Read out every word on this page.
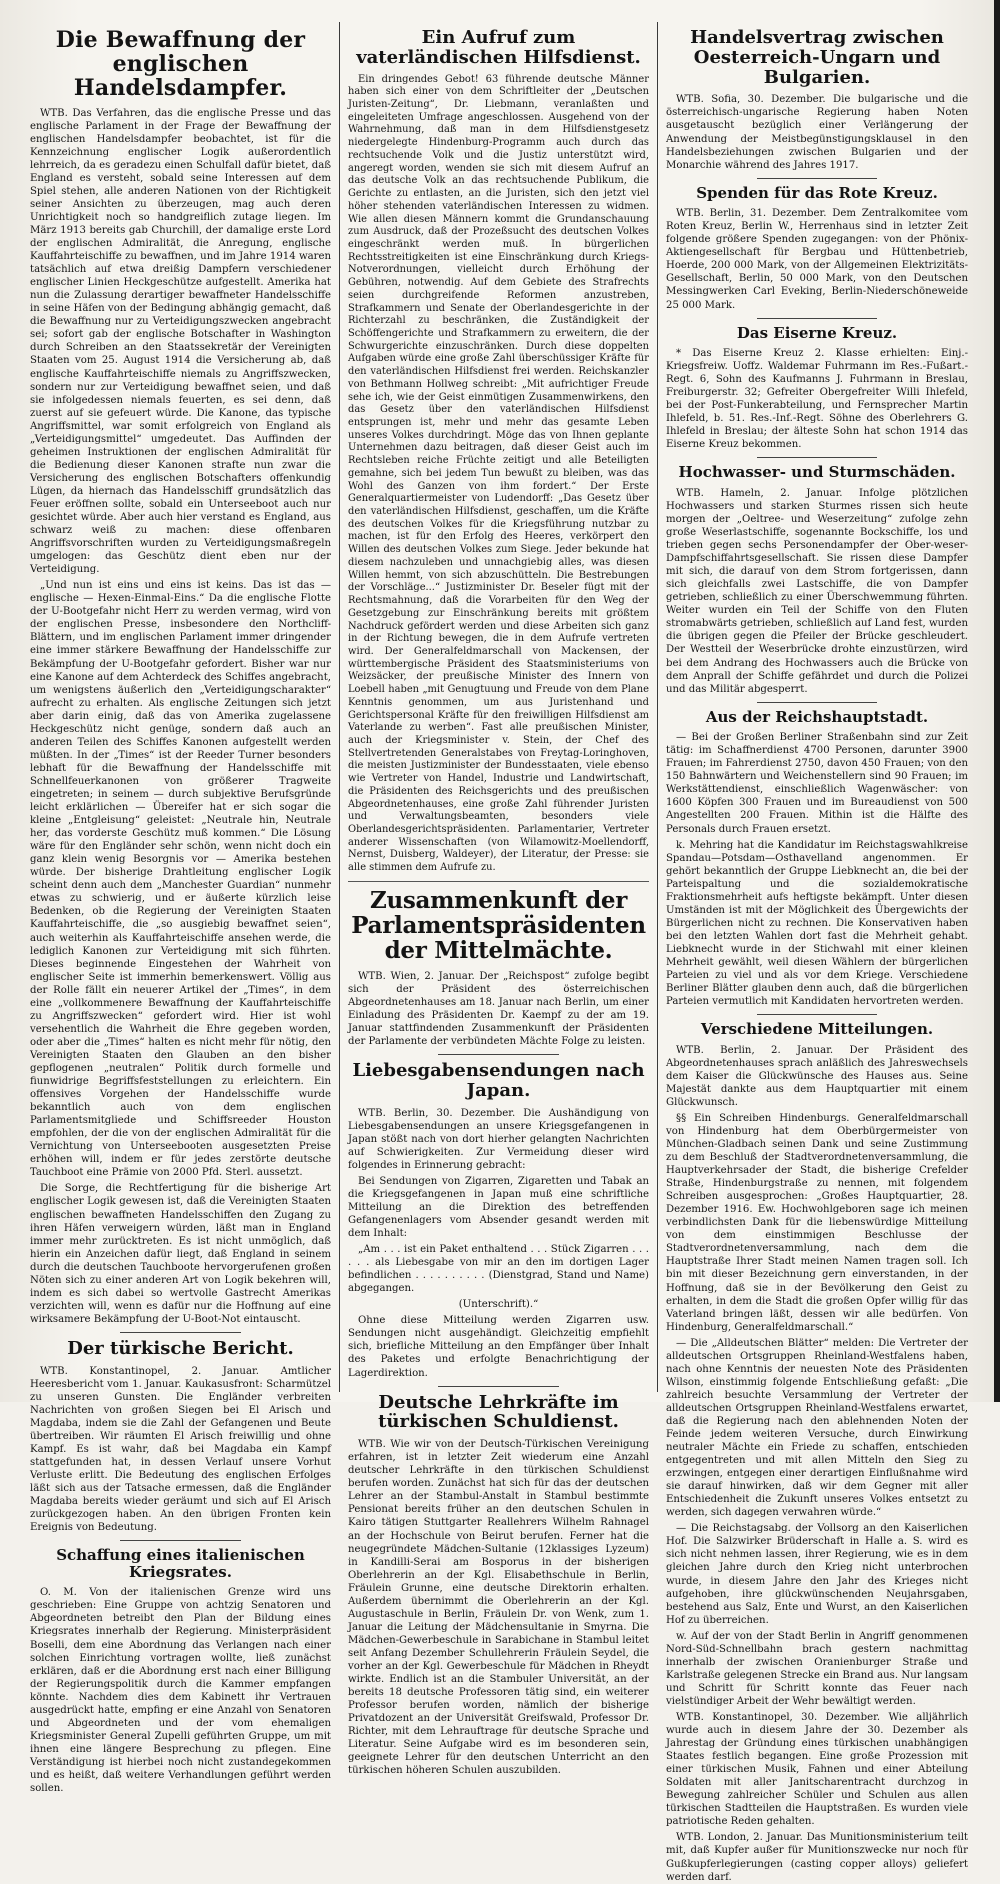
Die Bewaffnung der englischen Handelsdampfer.

WTB. Das Verfahren, das die englische Presse und das englische Parlament in der Frage der Bewaffnung der englischen Handelsdampfer beobachtet, ist für die Kennzeichnung englischer Logik außerordentlich lehrreich, da es geradezu einen Schulfall dafür bietet, daß England es versteht, sobald seine Interessen auf dem Spiel stehen, alle anderen Nationen von der Richtigkeit seiner Ansichten zu überzeugen, mag auch deren Unrichtigkeit noch so handgreiflich zutage liegen. Im März 1913 bereits gab Churchill, der damalige erste Lord der englischen Admiralität, die Anregung, englische Kauffahrteischiffe zu bewaffnen, und im Jahre 1914 waren tatsächlich auf etwa dreißig Dampfern verschiedener englischer Linien Heckgeschütze aufgestellt. Amerika hat nun die Zulassung derartiger bewaffneter Handelsschiffe in seine Häfen von der Bedingung abhängig gemacht, daß die Bewaffnung nur zu Verteidigungszwecken angebracht sei; sofort gab der englische Botschafter in Washington durch Schreiben an den Staatssekretär der Vereinigten Staaten vom 25. August 1914 die Versicherung ab, daß englische Kauffahrteischiffe niemals zu Angriffszwecken, sondern nur zur Verteidigung bewaffnet seien, und daß sie infolgedessen niemals feuerten, es sei denn, daß zuerst auf sie gefeuert würde. Die Kanone, das typische Angriffsmittel, war somit erfolgreich von England als „Verteidigungsmittel“ umgedeutet. Das Auffinden der geheimen Instruktionen der englischen Admiralität für die Bedienung dieser Kanonen strafte nun zwar die Versicherung des englischen Botschafters offenkundig Lügen, da hiernach das Handelsschiff grundsätzlich das Feuer eröffnen sollte, sobald ein Unterseeboot auch nur gesichtet würde. Aber auch hier verstand es England, aus schwarz weiß zu machen: diese offenbaren Angriffsvorschriften wurden zu Verteidigungsmaßregeln umgelogen: das Geschütz dient eben nur der Verteidigung.

„Und nun ist eins und eins ist keins. Das ist das — englische — Hexen-Einmal-Eins.“ Da die englische Flotte der U-Bootgefahr nicht Herr zu werden vermag, wird von der englischen Presse, insbesondere den Northcliff-Blättern, und im englischen Parlament immer dringender eine immer stärkere Bewaffnung der Handelsschiffe zur Bekämpfung der U-Bootgefahr gefordert. Bisher war nur eine Kanone auf dem Achterdeck des Schiffes angebracht, um wenigstens äußerlich den „Verteidigungscharakter“ aufrecht zu erhalten. Als englische Zeitungen sich jetzt aber darin einig, daß das von Amerika zugelassene Heckgeschütz nicht genüge, sondern daß auch an anderen Teilen des Schiffes Kanonen aufgestellt werden müßten. In der „Times“ ist der Reeder Turner besonders lebhaft für die Bewaffnung der Handelsschiffe mit Schnellfeuerkanonen von größerer Tragweite eingetreten; in seinem — durch subjektive Berufsgründe leicht erklärlichen — Übereifer hat er sich sogar die kleine „Entgleisung“ geleistet: „Neutrale hin, Neutrale her, das vorderste Geschütz muß kommen.“ Die Lösung wäre für den Engländer sehr schön, wenn nicht doch ein ganz klein wenig Besorgnis vor — Amerika bestehen würde. Der bisherige Drahtleitung englischer Logik scheint denn auch dem „Manchester Guardian“ nunmehr etwas zu schwierig, und er äußerte kürzlich leise Bedenken, ob die Regierung der Vereinigten Staaten Kauffahrteischiffe, die „so ausgiebig bewaffnet seien“, auch weiterhin als Kauffahrteischiffe ansehen werde, die lediglich Kanonen zur Verteidigung mit sich führten. Dieses beginnende Eingestehen der Wahrheit von englischer Seite ist immerhin bemerkenswert. Völlig aus der Rolle fällt ein neuerer Artikel der „Times“, in dem eine „vollkommenere Bewaffnung der Kauffahrteischiffe zu Angriffszwecken“ gefordert wird. Hier ist wohl versehentlich die Wahrheit die Ehre gegeben worden, oder aber die „Times“ halten es nicht mehr für nötig, den Vereinigten Staaten den Glauben an den bisher gepflogenen „neutralen“ Politik durch formelle und fiunwidrige Begriffsfeststellungen zu erleichtern. Ein offensives Vorgehen der Handelsschiffe wurde bekanntlich auch von dem englischen Parlamentsmitgliede und Schiffsreeder Houston empfohlen, der die von der englischen Admiralität für die Vernichtung von Unterseebooten ausgesetzten Preise erhöhen will, indem er für jedes zerstörte deutsche Tauchboot eine Prämie von 2000 Pfd. Sterl. aussetzt.

Die Sorge, die Rechtfertigung für die bisherige Art englischer Logik gewesen ist, daß die Vereinigten Staaten englischen bewaffneten Handelsschiffen den Zugang zu ihren Häfen verweigern würden, läßt man in England immer mehr zurücktreten. Es ist nicht unmöglich, daß hierin ein Anzeichen dafür liegt, daß England in seinem durch die deutschen Tauchboote hervorgerufenen großen Nöten sich zu einer anderen Art von Logik bekehren will, indem es sich dabei so wertvolle Gastrecht Amerikas verzichten will, wenn es dafür nur die Hoffnung auf eine wirksamere Bekämpfung der U-Boot-Not eintauscht.

Der türkische Bericht.

WTB. Konstantinopel, 2. Januar. Amtlicher Heeresbericht vom 1. Januar. Kaukasusfront: Scharmützel zu unseren Gunsten. Die Engländer verbreiten Nachrichten von großen Siegen bei El Arisch und Magdaba, indem sie die Zahl der Gefangenen und Beute übertreiben. Wir räumten El Arisch freiwillig und ohne Kampf. Es ist wahr, daß bei Magdaba ein Kampf stattgefunden hat, in dessen Verlauf unsere Vorhut Verluste erlitt. Die Bedeutung des englischen Erfolges läßt sich aus der Tatsache ermessen, daß die Engländer Magdaba bereits wieder geräumt und sich auf El Arisch zurückgezogen haben. An den übrigen Fronten kein Ereignis von Bedeutung.

Schaffung eines italienischen Kriegsrates.

O. M. Von der italienischen Grenze wird uns geschrieben: Eine Gruppe von achtzig Senatoren und Abgeordneten betreibt den Plan der Bildung eines Kriegsrates innerhalb der Regierung. Ministerpräsident Boselli, dem eine Abordnung das Verlangen nach einer solchen Einrichtung vortragen wollte, ließ zunächst erklären, daß er die Abordnung erst nach einer Billigung der Regierungspolitik durch die Kammer empfangen könnte. Nachdem dies dem Kabinett ihr Vertrauen ausgedrückt hatte, empfing er eine Anzahl von Senatoren und Abgeordneten und der vom ehemaligen Kriegsminister General Zupelli geführten Gruppe, um mit ihnen eine längere Besprechung zu pflegen. Eine Verständigung ist hierbei noch nicht zustandegekommen und es heißt, daß weitere Verhandlungen geführt werden sollen.

Ein Aufruf zum vaterländischen Hilfsdienst.

Ein dringendes Gebot! 63 führende deutsche Männer haben sich einer von dem Schriftleiter der „Deutschen Juristen-Zeitung“, Dr. Liebmann, veranlaßten und eingeleiteten Umfrage angeschlossen. Ausgehend von der Wahrnehmung, daß man in dem Hilfsdienstgesetz niedergelegte Hindenburg-Programm auch durch das rechtsuchende Volk und die Justiz unterstützt wird, angeregt worden, wenden sie sich mit diesem Aufruf an das deutsche Volk an das rechtsuchende Publikum, die Gerichte zu entlasten, an die Juristen, sich den jetzt viel höher stehenden vaterländischen Interessen zu widmen. Wie allen diesen Männern kommt die Grundanschauung zum Ausdruck, daß der Prozeßsucht des deutschen Volkes eingeschränkt werden muß. In bürgerlichen Rechtsstreitigkeiten ist eine Einschränkung durch Kriegs-Notverordnungen, vielleicht durch Erhöhung der Gebühren, notwendig. Auf dem Gebiete des Strafrechts seien durchgreifende Reformen anzustreben, Strafkammern und Senate der Oberlandesgerichte in der Richterzahl zu beschränken, die Zuständigkeit der Schöffengerichte und Strafkammern zu erweitern, die der Schwurgerichte einzuschränken. Durch diese doppelten Aufgaben würde eine große Zahl überschüssiger Kräfte für den vaterländischen Hilfsdienst frei werden. Reichskanzler von Bethmann Hollweg schreibt: „Mit aufrichtiger Freude sehe ich, wie der Geist einmütigen Zusammenwirkens, den das Gesetz über den vaterländischen Hilfsdienst entsprungen ist, mehr und mehr das gesamte Leben unseres Volkes durchdringt. Möge das von Ihnen geplante Unternehmen dazu beitragen, daß dieser Geist auch im Rechtsleben reiche Früchte zeitigt und alle Beteiligten gemahne, sich bei jedem Tun bewußt zu bleiben, was das Wohl des Ganzen von ihm fordert.“ Der Erste Generalquartiermeister von Ludendorff: „Das Gesetz über den vaterländischen Hilfsdienst, geschaffen, um die Kräfte des deutschen Volkes für die Kriegsführung nutzbar zu machen, ist für den Erfolg des Heeres, verkörpert den Willen des deutschen Volkes zum Siege. Jeder bekunde hat diesem nachzuleben und unnachgiebig alles, was diesen Willen hemmt, von sich abzuschütteln. Die Bestrebungen der Vorschläge...“ Justizminister Dr. Beseler fügt mit der Rechtsmahnung, daß die Vorarbeiten für den Weg der Gesetzgebung zur Einschränkung bereits mit größtem Nachdruck gefördert werden und diese Arbeiten sich ganz in der Richtung bewegen, die in dem Aufrufe vertreten wird. Der Generalfeldmarschall von Mackensen, der württembergische Präsident des Staatsministeriums von Weizsäcker, der preußische Minister des Innern von Loebell haben „mit Genugtuung und Freude von dem Plane Kenntnis genommen, um aus Juristenhand und Gerichtspersonal Kräfte für den freiwilligen Hilfsdienst am Vaterlande zu werben“. Fast alle preußischen Minister, auch der Kriegsminister v. Stein, der Chef des Stellvertretenden Generalstabes von Freytag-Loringhoven, die meisten Justizminister der Bundesstaaten, viele ebenso wie Vertreter von Handel, Industrie und Landwirtschaft, die Präsidenten des Reichsgerichts und des preußischen Abgeordnetenhauses, eine große Zahl führender Juristen und Verwaltungsbeamten, besonders viele Oberlandesgerichtspräsidenten. Parlamentarier, Vertreter anderer Wissenschaften (von Wilamowitz-Moellendorff, Nernst, Duisberg, Waldeyer), der Literatur, der Presse: sie alle stimmen dem Aufrufe zu.

Zusammenkunft der Parlamentspräsidenten der Mittelmächte.

WTB. Wien, 2. Januar. Der „Reichspost“ zufolge begibt sich der Präsident des österreichischen Abgeordnetenhauses am 18. Januar nach Berlin, um einer Einladung des Präsidenten Dr. Kaempf zu der am 19. Januar stattfindenden Zusammenkunft der Präsidenten der Parlamente der verbündeten Mächte Folge zu leisten.

Liebesgabensendungen nach Japan.

WTB. Berlin, 30. Dezember. Die Aushändigung von Liebesgabensendungen an unsere Kriegsgefangenen in Japan stößt nach von dort hierher gelangten Nachrichten auf Schwierigkeiten. Zur Vermeidung dieser wird folgendes in Erinnerung gebracht:

Bei Sendungen von Zigarren, Zigaretten und Tabak an die Kriegsgefangenen in Japan muß eine schriftliche Mitteilung an die Direktion des betreffenden Gefangenenlagers vom Absender gesandt werden mit dem Inhalt:

„Am . . . ist ein Paket enthaltend . . . Stück Zigarren . . . . . . als Liebesgabe von mir an den im dortigen Lager befindlichen . . . . . . . . . . (Dienstgrad, Stand und Name) abgegangen.

(Unterschrift).“

Ohne diese Mitteilung werden Zigarren usw. Sendungen nicht ausgehändigt. Gleichzeitig empfiehlt sich, briefliche Mitteilung an den Empfänger über Inhalt des Paketes und erfolgte Benachrichtigung der Lagerdirektion.

Deutsche Lehrkräfte im türkischen Schuldienst.

WTB. Wie wir von der Deutsch-Türkischen Vereinigung erfahren, ist in letzter Zeit wiederum eine Anzahl deutscher Lehrkräfte in den türkischen Schuldienst berufen worden. Zunächst hat sich für das der deutschen Lehrer an der Stambul-Anstalt in Stambul bestimmte Pensionat bereits früher an den deutschen Schulen in Kairo tätigen Stuttgarter Reallehrers Wilhelm Rahnagel an der Hochschule von Beirut berufen. Ferner hat die neugegründete Mädchen-Sultanie (12klassiges Lyzeum) in Kandilli-Serai am Bosporus in der bisherigen Oberlehrerin an der Kgl. Elisabethschule in Berlin, Fräulein Grunne, eine deutsche Direktorin erhalten. Außerdem übernimmt die Oberlehrerin an der Kgl. Augustaschule in Berlin, Fräulein Dr. von Wenk, zum 1. Januar die Leitung der Mädchensultanie in Smyrna. Die Mädchen-Gewerbeschule in Sarabichane in Stambul leitet seit Anfang Dezember Schullehrerin Fräulein Seydel, die vorher an der Kgl. Gewerbeschule für Mädchen in Rheydt wirkte. Endlich ist an die Stambuler Universität, an der bereits 18 deutsche Professoren tätig sind, ein weiterer Professor berufen worden, nämlich der bisherige Privatdozent an der Universität Greifswald, Professor Dr. Richter, mit dem Lehrauftrage für deutsche Sprache und Literatur. Seine Aufgabe wird es im besonderen sein, geeignete Lehrer für den deutschen Unterricht an den türkischen höheren Schulen auszubilden.

Handelsvertrag zwischen Oesterreich-Ungarn und Bulgarien.

WTB. Sofia, 30. Dezember. Die bulgarische und die österreichisch-ungarische Regierung haben Noten ausgetauscht bezüglich einer Verlängerung der Anwendung der Meistbegünstigungsklausel in den Handelsbeziehungen zwischen Bulgarien und der Monarchie während des Jahres 1917.

Spenden für das Rote Kreuz.

WTB. Berlin, 31. Dezember. Dem Zentralkomitee vom Roten Kreuz, Berlin W., Herrenhaus sind in letzter Zeit folgende größere Spenden zugegangen: von der Phönix-Aktiengesellschaft für Bergbau und Hüttenbetrieb, Hoerde, 200 000 Mark, von der Allgemeinen Elektrizitäts-Gesellschaft, Berlin, 50 000 Mark, von den Deutschen Messingwerken Carl Eveking, Berlin-Niederschöneweide 25 000 Mark.

Das Eiserne Kreuz.

* Das Eiserne Kreuz 2. Klasse erhielten: Einj.-Kriegsfreiw. Uoffz. Waldemar Fuhrmann im Res.-Fußart.-Regt. 6, Sohn des Kaufmanns J. Fuhrmann in Breslau, Freiburgerstr. 32; Gefreiter Obergefreiter Willi Ihlefeld, bei der Post-Funkerabteilung, und Fernsprecher Martin Ihlefeld, b. 51. Res.-Inf.-Regt. Söhne des Oberlehrers G. Ihlefeld in Breslau; der älteste Sohn hat schon 1914 das Eiserne Kreuz bekommen.

Hochwasser- und Sturmschäden.

WTB. Hameln, 2. Januar. Infolge plötzlichen Hochwassers und starken Sturmes rissen sich heute morgen der „Oeltree- und Weserzeitung“ zufolge zehn große Weserlastschiffe, sogenannte Bockschiffe, los und trieben gegen sechs Personendampfer der Ober-weser-Dampfschiffahrtsgesellschaft. Sie rissen diese Dampfer mit sich, die darauf von dem Strom fortgerissen, dann sich gleichfalls zwei Lastschiffe, die von Dampfer getrieben, schließlich zu einer Überschwemmung führten. Weiter wurden ein Teil der Schiffe von den Fluten stromabwärts getrieben, schließlich auf Land fest, wurden die übrigen gegen die Pfeiler der Brücke geschleudert. Der Westteil der Weserbrücke drohte einzustürzen, wird bei dem Andrang des Hochwassers auch die Brücke von dem Anprall der Schiffe gefährdet und durch die Polizei und das Militär abgesperrt.

Aus der Reichshauptstadt.

— Bei der Großen Berliner Straßenbahn sind zur Zeit tätig: im Schaffnerdienst 4700 Personen, darunter 3900 Frauen; im Fahrerdienst 2750, davon 450 Frauen; von den 150 Bahnwärtern und Weichenstellern sind 90 Frauen; im Werkstättendienst, einschließlich Wagenwäscher: von 1600 Köpfen 300 Frauen und im Bureaudienst von 500 Angestellten 200 Frauen. Mithin ist die Hälfte des Personals durch Frauen ersetzt.

k. Mehring hat die Kandidatur im Reichstagswahlkreise Spandau—Potsdam—Osthavelland angenommen. Er gehört bekanntlich der Gruppe Liebknecht an, die bei der Parteispaltung und die sozialdemokratische Fraktionsmehrheit aufs heftigste bekämpft. Unter diesen Umständen ist mit der Möglichkeit des Übergewichts der Bürgerlichen nicht zu rechnen. Die Konservativen haben bei den letzten Wahlen dort fast die Mehrheit gehabt. Liebknecht wurde in der Stichwahl mit einer kleinen Mehrheit gewählt, weil diesen Wählern der bürgerlichen Parteien zu viel und als vor dem Kriege. Verschiedene Berliner Blätter glauben denn auch, daß die bürgerlichen Parteien vermutlich mit Kandidaten hervortreten werden.

Verschiedene Mitteilungen.

WTB. Berlin, 2. Januar. Der Präsident des Abgeordnetenhauses sprach anläßlich des Jahreswechsels dem Kaiser die Glückwünsche des Hauses aus. Seine Majestät dankte aus dem Hauptquartier mit einem Glückwunsch.

§§ Ein Schreiben Hindenburgs. Generalfeldmarschall von Hindenburg hat dem Oberbürgermeister von München-Gladbach seinen Dank und seine Zustimmung zu dem Beschluß der Stadtverordnetenversammlung, die Hauptverkehrsader der Stadt, die bisherige Crefelder Straße, Hindenburgstraße zu nennen, mit folgendem Schreiben ausgesprochen: „Großes Hauptquartier, 28. Dezember 1916. Ew. Hochwohlgeboren sage ich meinen verbindlichsten Dank für die liebenswürdige Mitteilung von dem einstimmigen Beschlusse der Stadtverordnetenversammlung, nach dem die Hauptstraße Ihrer Stadt meinen Namen tragen soll. Ich bin mit dieser Bezeichnung gern einverstanden, in der Hoffnung, daß sie in der Bevölkerung den Geist zu erhalten, in dem die Stadt die großen Opfer willig für das Vaterland bringen läßt, dessen wir alle bedürfen. Von Hindenburg, Generalfeldmarschall.“

— Die „Alldeutschen Blätter“ melden: Die Vertreter der alldeutschen Ortsgruppen Rheinland-Westfalens haben, nach ohne Kenntnis der neuesten Note des Präsidenten Wilson, einstimmig folgende Entschließung gefaßt: „Die zahlreich besuchte Versammlung der Vertreter der alldeutschen Ortsgruppen Rheinland-Westfalens erwartet, daß die Regierung nach den ablehnenden Noten der Feinde jedem weiteren Versuche, durch Einwirkung neutraler Mächte ein Friede zu schaffen, entschieden entgegentreten und mit allen Mitteln den Sieg zu erzwingen, entgegen einer derartigen Einflußnahme wird sie darauf hinwirken, daß wir dem Gegner mit aller Entschiedenheit die Zukunft unseres Volkes entsetzt zu werden, sich dagegen verwahren würde.“

— Die Reichstagsabg. der Vollsorg an den Kaiserlichen Hof. Die Salzwirker Brüderschaft in Halle a. S. wird es sich nicht nehmen lassen, ihrer Regierung, wie es in dem gleichen Jahre durch den Krieg nicht unterbrochen wurde, in diesem Jahre den Jahr des Krieges nicht aufgehoben, ihre glückwünschenden Neujahrsgaben, bestehend aus Salz, Ente und Wurst, an den Kaiserlichen Hof zu überreichen.

w. Auf der von der Stadt Berlin in Angriff genommenen Nord-Süd-Schnellbahn brach gestern nachmittag innerhalb der zwischen Oranienburger Straße und Karlstraße gelegenen Strecke ein Brand aus. Nur langsam und Schritt für Schritt konnte das Feuer nach vielstündiger Arbeit der Wehr bewältigt werden.

WTB. Konstantinopel, 30. Dezember. Wie alljährlich wurde auch in diesem Jahre der 30. Dezember als Jahrestag der Gründung eines türkischen unabhängigen Staates festlich begangen. Eine große Prozession mit einer türkischen Musik, Fahnen und einer Abteilung Soldaten mit aller Janitscharentracht durchzog in Bewegung zahlreicher Schüler und Schulen aus allen türkischen Stadtteilen die Hauptstraßen. Es wurden viele patriotische Reden gehalten.

WTB. London, 2. Januar. Das Munitionsministerium teilt mit, daß Kupfer außer für Munitionszwecke nur noch für Gußkupferlegierungen (casting copper alloys) geliefert werden darf.
